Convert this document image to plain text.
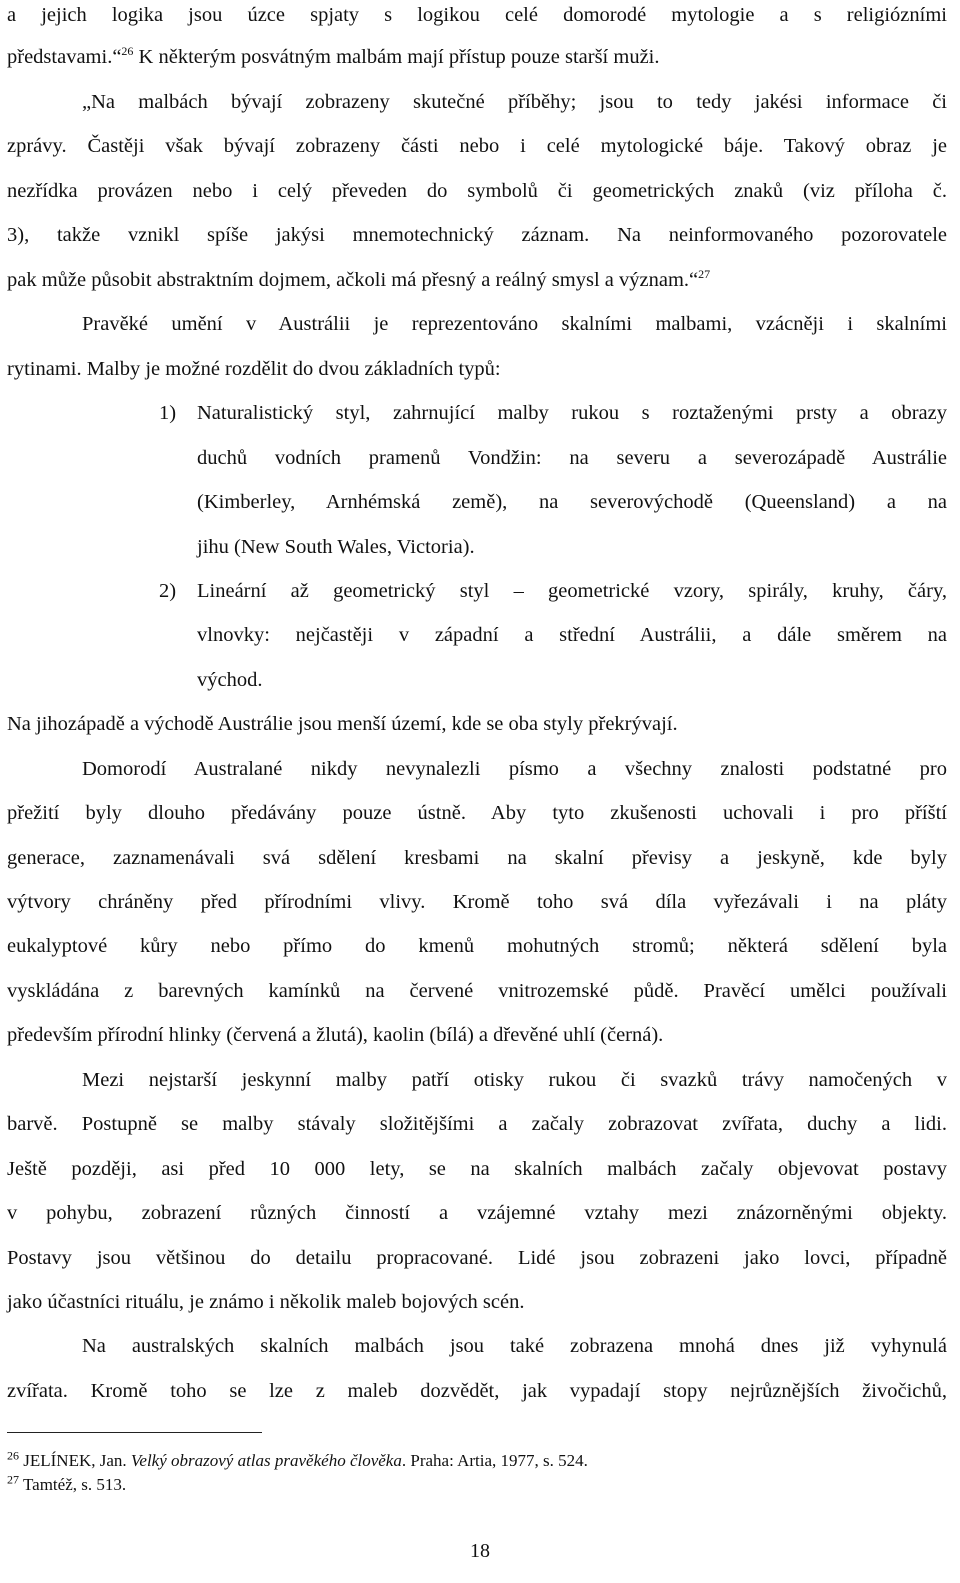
a jejich logika jsou úzce spjaty s logikou celé domorodé mytologie a s religiózními
představami.“$^{26}$ K některým posvátným malbám mají přístup pouze starší muži.
„Na malbách bývají zobrazeny skutečné příběhy; jsou to tedy jakési informace či
zprávy. Častěji však bývají zobrazeny části nebo i celé mytologické báje. Takový obraz je
nezřídka provázen nebo i celý převeden do symbolů či geometrických znaků (viz příloha č.
3), takže vznikl spíše jakýsi mnemotechnický záznam. Na neinformovaného pozorovatele
pak může působit abstraktním dojmem, ačkoli má přesný a reálný smysl a význam.“$^{27}$
Pravěké umění v Austrálii je reprezentováno skalními malbami, vzácněji i skalními
rytinami. Malby je možné rozdělit do dvou základních typů:
1)	Naturalistický styl, zahrnující malby rukou s roztaženými prsty a obrazy
duchů vodních pramenů Vondžin: na severu a severozápadě Austrálie
(Kimberley, Arnhémská země), na severovýchodě (Queensland) a na
jihu (New South Wales, Victoria).
2)	Lineární až geometrický styl – geometrické vzory, spirály, kruhy, čáry,
vlnovky: nejčastěji v západní a střední Austrálii, a dále směrem na
východ.
Na jihozápadě a východě Austrálie jsou menší území, kde se oba styly překrývají.
Domorodí Australané nikdy nevynalezli písmo a všechny znalosti podstatné pro
přežití byly dlouho předávány pouze ústně. Aby tyto zkušenosti uchovali i pro příští
generace, zaznamenávali svá sdělení kresbami na skalní převisy a jeskyně, kde byly
výtvory chráněny před přírodními vlivy. Kromě toho svá díla vyřezávali i na pláty
eukalyptové kůry nebo přímo do kmenů mohutných stromů; některá sdělení byla
vyskládána z barevných kamínků na červené vnitrozemské půdě. Pravěcí umělci používali
především přírodní hlinky (červená a žlutá), kaolin (bílá) a dřevěné uhlí (černá).
Mezi nejstarší jeskynní malby patří otisky rukou či svazků trávy namočených v
barvě. Postupně se malby stávaly složitějšími a začaly zobrazovat zvířata, duchy a lidi.
Ještě později, asi před 10 000 lety, se na skalních malbách začaly objevovat postavy
v pohybu, zobrazení různých činností a vzájemné vztahy mezi znázorněnými objekty.
Postavy jsou většinou do detailu propracované. Lidé jsou zobrazeni jako lovci, případně
jako účastníci rituálu, je známo i několik maleb bojových scén.
Na australských skalních malbách jsou také zobrazena mnohá dnes již vyhynulá
zvířata. Kromě toho se lze z maleb dozvědět, jak vypadají stopy nejrůznějších živočichů,
$^{26}$ JELÍNEK, Jan. Velký obrazový atlas pravěkého člověka. Praha: Artia, 1977, s. 524.
$^{27}$ Tamtéž, s. 513.
18
